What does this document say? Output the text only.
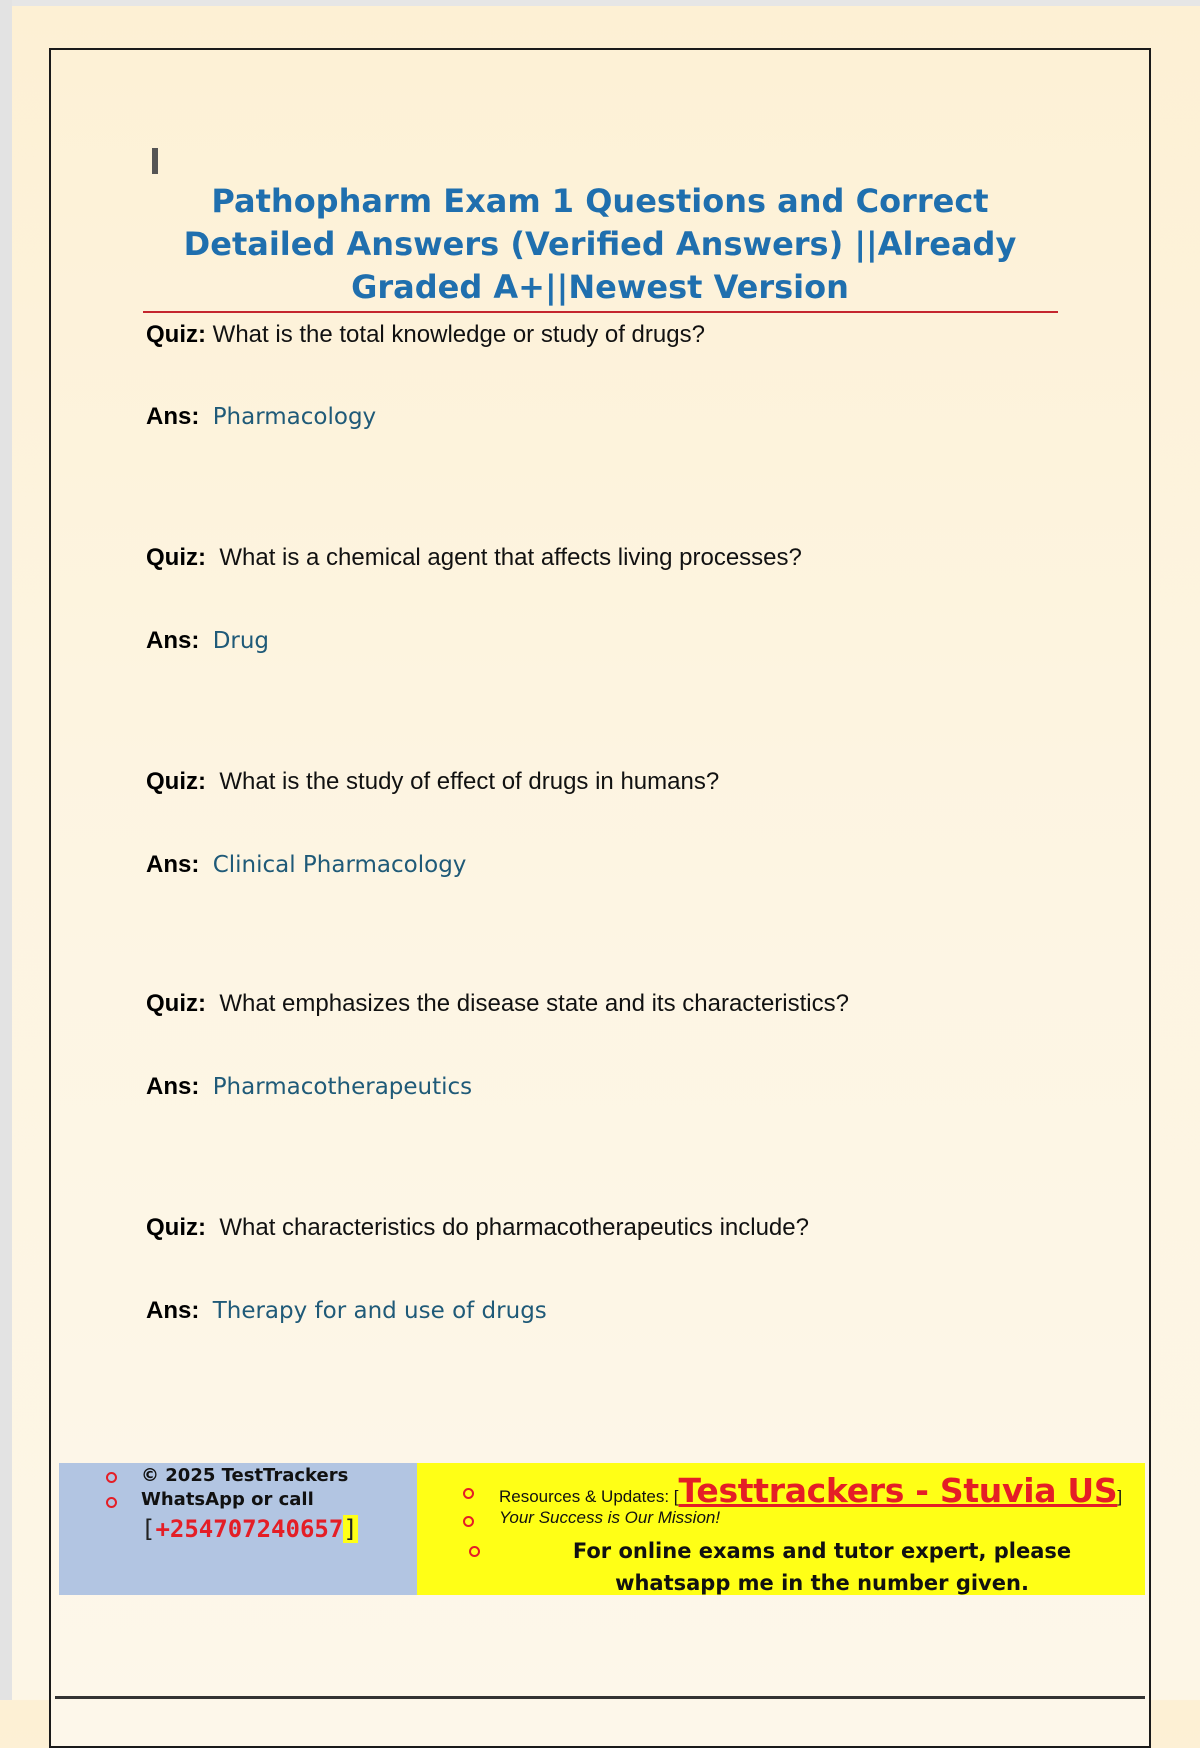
Pathopharm Exam 1 Questions and Correct Detailed Answers (Verified Answers) ||Already Graded A+||Newest Version
Quiz: What is the total knowledge or study of drugs?
Ans: Pharmacology
Quiz: What is a chemical agent that affects living processes?
Ans: Drug
Quiz: What is the study of effect of drugs in humans?
Ans: Clinical Pharmacology
Quiz: What emphasizes the disease state and its characteristics?
Ans: Pharmacotherapeutics
Quiz: What characteristics do pharmacotherapeutics include?
Ans: Therapy for and use of drugs
© 2025 TestTrackers
WhatsApp or call
[+254707240657]
Resources & Updates: [Testtrackers - Stuvia US]
Your Success is Our Mission!
For online exams and tutor expert, please whatsapp me in the number given.
